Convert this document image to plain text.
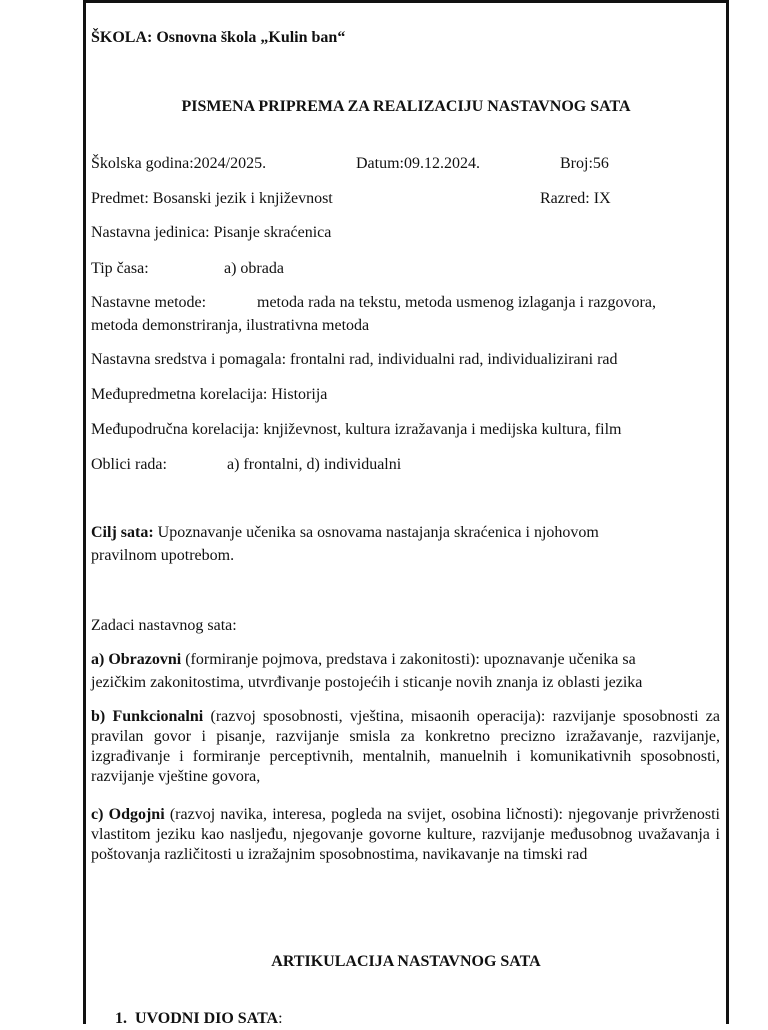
ŠKOLA: Osnovna škola „Kulin ban“

PISMENA PRIPREMA ZA REALIZACIJU NASTAVNOG SATA

Školska godina:2024/2025.	Datum:09.12.2024.	Broj:56

Predmet: Bosanski jezik i književnost	Razred: IX

Nastavna jedinica: Pisanje skraćenica

Tip časa:	a) obrada

Nastavne metode:	metoda rada na tekstu, metoda usmenog izlaganja i razgovora,

metoda demonstriranja, ilustrativna metoda

Nastavna sredstva i pomagala: frontalni rad, individualni rad, individualizirani rad

Međupredmetna korelacija: Historija

Međupodručna korelacija: književnost, kultura izražavanja i medijska kultura, film

Oblici rada:	a) frontalni, d) individualni

Cilj sata: Upoznavanje učenika sa osnovama nastajanja skraćenica i njohovom

pravilnom upotrebom.

Zadaci nastavnog sata:

a) Obrazovni (formiranje pojmova, predstava i zakonitosti): upoznavanje učenika sa

jezičkim zakonitostima, utvrđivanje postojećih i sticanje novih znanja iz oblasti jezika

b) Funkcionalni (razvoj sposobnosti, vještina, misaonih operacija): razvijanje sposobnosti za pravilan govor i pisanje, razvijanje smisla za konkretno precizno izražavanje, razvijanje, izgrađivanje i formiranje perceptivnih, mentalnih, manuelnih i komunikativnih sposobnosti, razvijanje vještine govora,

c) Odgojni (razvoj navika, interesa, pogleda na svijet, osobina ličnosti): njegovanje privrženosti vlastitom jeziku kao nasljeđu, njegovanje govorne kulture, razvijanje međusobnog uvažavanja i poštovanja različitosti u izražajnim sposobnostima, navikavanje na timski rad

ARTIKULACIJA NASTAVNOG SATA

1. UVODNI DIO SATA:
